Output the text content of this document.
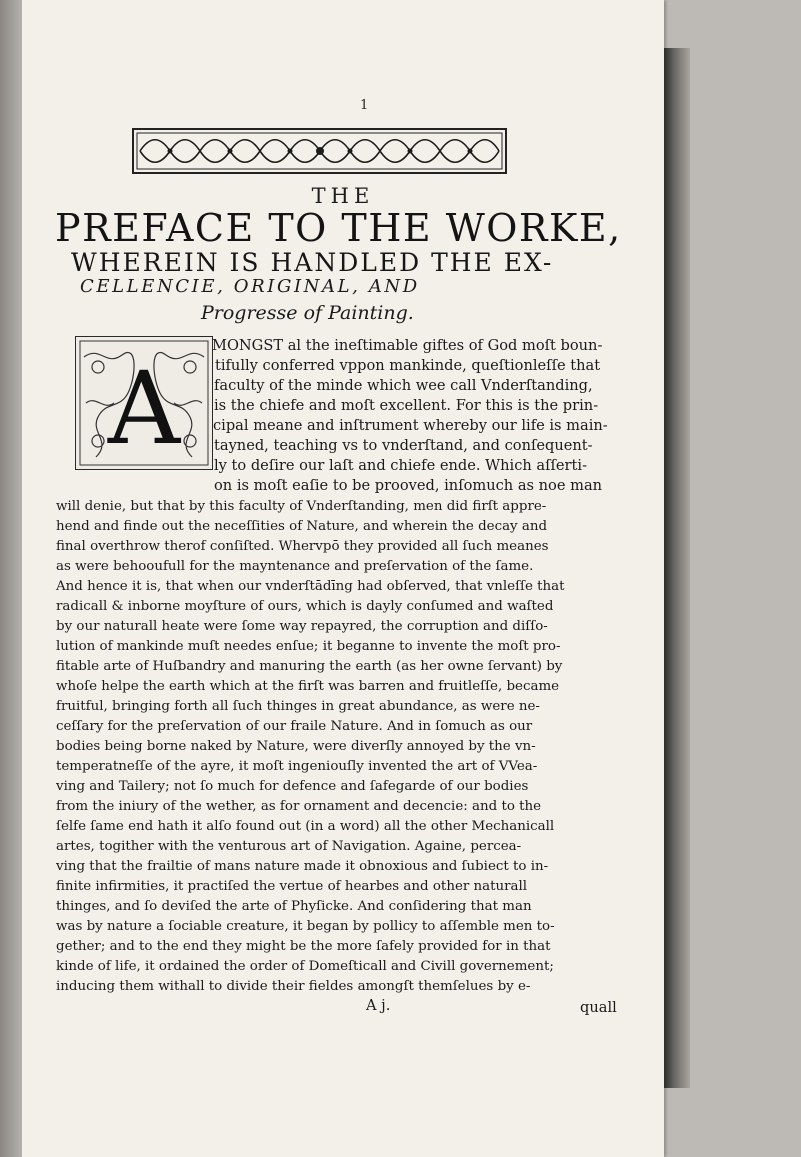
1
THE
PREFACE TO THE WORKE,
WHEREIN IS HANDLED THE EX-
CELLENCIE, ORIGINAL, AND
Progresse of Painting.
A
MONGST al the ineſtimable giftes of God moſt boun-
tifully conferred vppon mankinde, queſtionleſſe that
faculty of the minde which wee call Vnderſtanding,
is the chiefe and moſt excellent. For this is the prin-
cipal meane and inſtrument whereby our life is main-
tayned, teaching vs to vnderſtand, and conſequent-
ly to deſire our laſt and chiefe ende. Which aſſerti-
on is moſt eaſie to be prooved, inſomuch as noe man
will denie, but that by this faculty of Vnderſtanding, men did firſt appre-
hend and finde out the neceſſities of Nature, and wherein the decay and
final overthrow therof conſiſted. Whervpō they provided all ſuch meanes
as were behooufull for the mayntenance and preſervation of the ſame.
And hence it is, that when our vnderſtādīng had obſerved, that vnleſſe that
radicall & inborne moyſture of ours, which is dayly conſumed and waſted
by our naturall heate were ſome way repayred, the corruption and diſſo-
lution of mankinde muſt needes enſue; it beganne to invente the moſt pro-
fitable arte of Huſbandry and manuring the earth (as her owne ſervant) by
whoſe helpe the earth which at the firſt was barren and fruitleſſe, became
fruitful, bringing forth all ſuch thinges in great abundance, as were ne-
ceſſary for the preſervation of our fraile Nature. And in ſomuch as our
bodies being borne naked by Nature, were diverſly annoyed by the vn-
temperatneſſe of the ayre, it moſt ingeniouſly invented the art of VVea-
ving and Tailery; not ſo much for defence and ſafegarde of our bodies
from the iniury of the wether, as for ornament and decencie: and to the
ſelfe ſame end hath it alſo found out (in a word) all the other Mechanicall
artes, togither with the venturous art of Navigation. Againe, percea-
ving that the frailtie of mans nature made it obnoxious and ſubiect to in-
finite infirmities, it practiſed the vertue of hearbes and other naturall
thinges, and ſo deviſed the arte of Phyſicke. And conſidering that man
was by nature a ſociable creature, it began by pollicy to aſſemble men to-
gether; and to the end they might be the more ſafely provided for in that
kinde of life, it ordained the order of Domeſticall and Civill governement;
inducing them withall to divide their fieldes amongſt themſelues by e-
A j.	quall
